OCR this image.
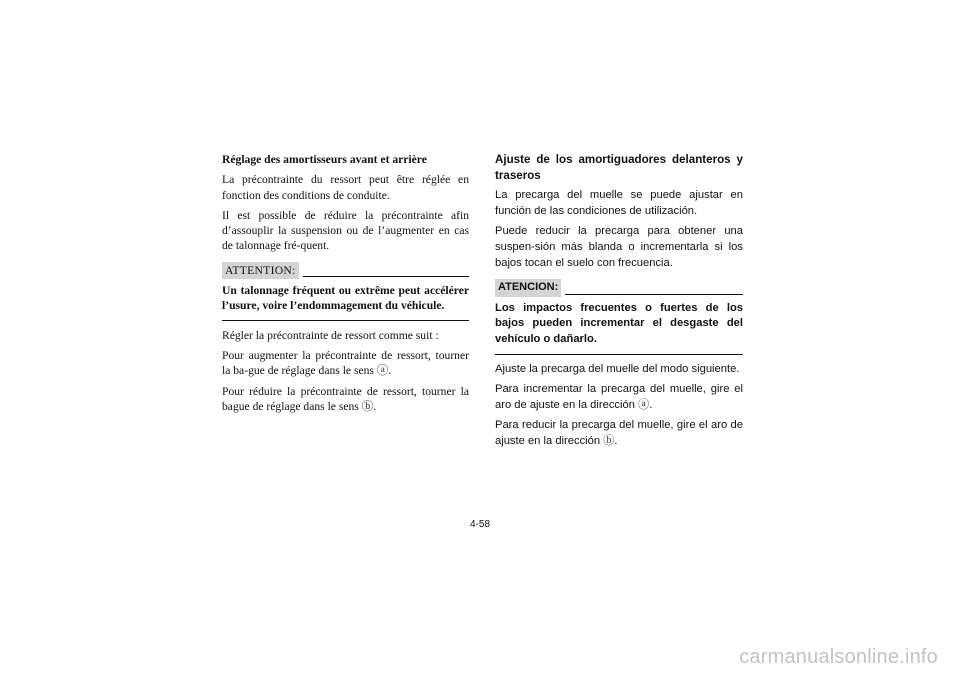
Réglage des amortisseurs avant et arrière

La précontrainte du ressort peut être réglée en fonction des conditions de conduite.

Il est possible de réduire la précontrainte afin d’assouplir la suspension ou de l’augmenter en cas de talonnage fré-quent.

ATTENTION:
Un talonnage fréquent ou extrême peut accélérer l’usure, voire l’endommagement du véhicule.

Régler la précontrainte de ressort comme suit :

Pour augmenter la précontrainte de ressort, tourner la ba-gue de réglage dans le sens ⓐ.

Pour réduire la précontrainte de ressort, tourner la bague de réglage dans le sens ⓑ.

Ajuste de los amortiguadores delanteros y traseros

La precarga del muelle se puede ajustar en función de las condiciones de utilización.

Puede reducir la precarga para obtener una suspen-sión más blanda o incrementarla si los bajos tocan el suelo con frecuencia.

ATENCION:
Los impactos frecuentes o fuertes de los bajos pueden incrementar el desgaste del vehículo o dañarlo.

Ajuste la precarga del muelle del modo siguiente.

Para incrementar la precarga del muelle, gire el aro de ajuste en la dirección ⓐ.

Para reducir la precarga del muelle, gire el aro de ajuste en la dirección ⓑ.

4-58
carmanualsonline.info
